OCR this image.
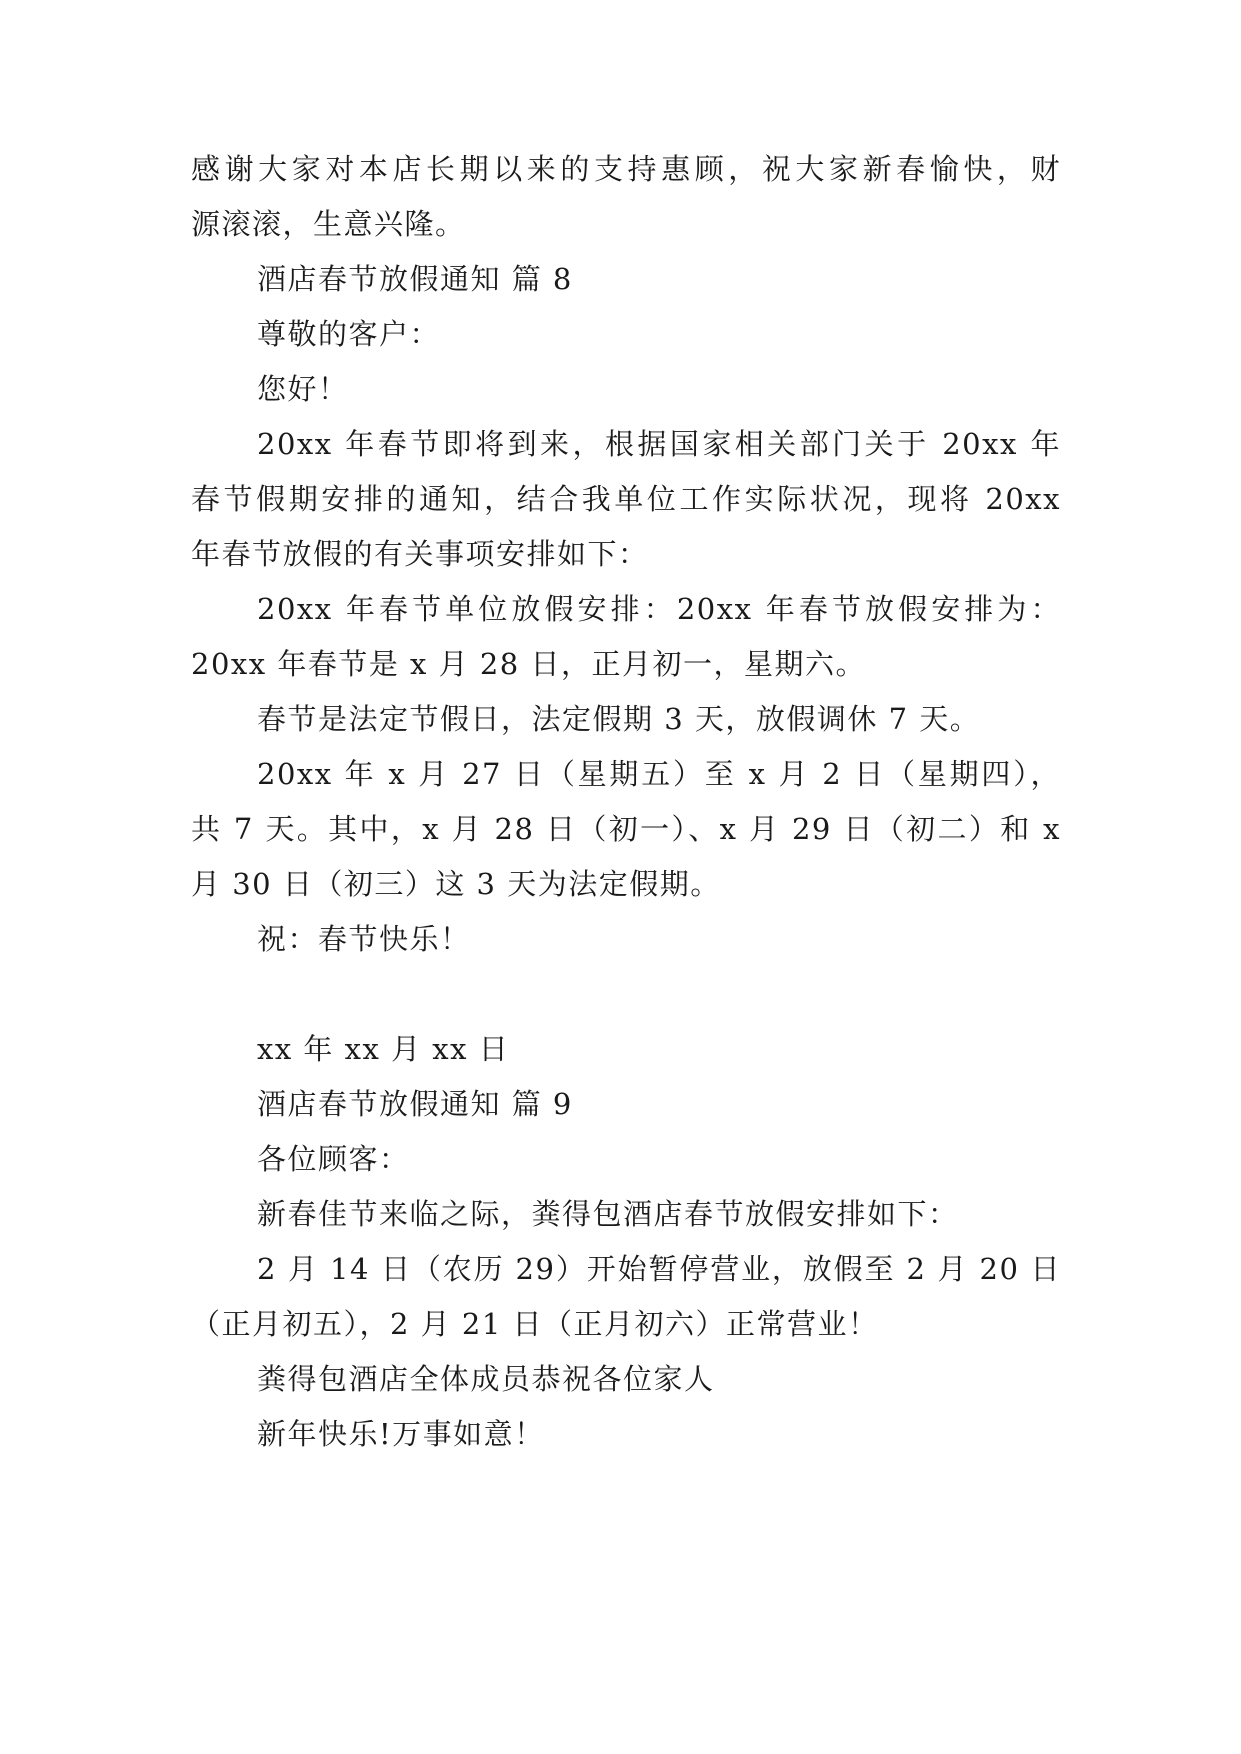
感谢大家对本店长期以来的支持惠顾，祝大家新春愉快，财
源滚滚，生意兴隆。
酒店春节放假通知 篇 8
尊敬的客户：
您好！
20xx 年春节即将到来，根据国家相关部门关于 20xx 年
春节假期安排的通知，结合我单位工作实际状况，现将 20xx
年春节放假的有关事项安排如下：
20xx 年春节单位放假安排：20xx 年春节放假安排为：
20xx 年春节是 x 月 28 日，正月初一，星期六。
春节是法定节假日，法定假期 3 天，放假调休 7 天。
20xx 年 x 月 27 日（星期五）至 x 月 2 日（星期四），
共 7 天。其中，x 月 28 日（初一）、x 月 29 日（初二）和 x
月 30 日（初三）这 3 天为法定假期。
祝：春节快乐！
xx 年 xx 月 xx 日
酒店春节放假通知 篇 9
各位顾客：
新春佳节来临之际，粪得包酒店春节放假安排如下：
2 月 14 日（农历 29）开始暂停营业，放假至 2 月 20 日
（正月初五），2 月 21 日（正月初六）正常营业！
粪得包酒店全体成员恭祝各位家人
新年快乐!万事如意！
